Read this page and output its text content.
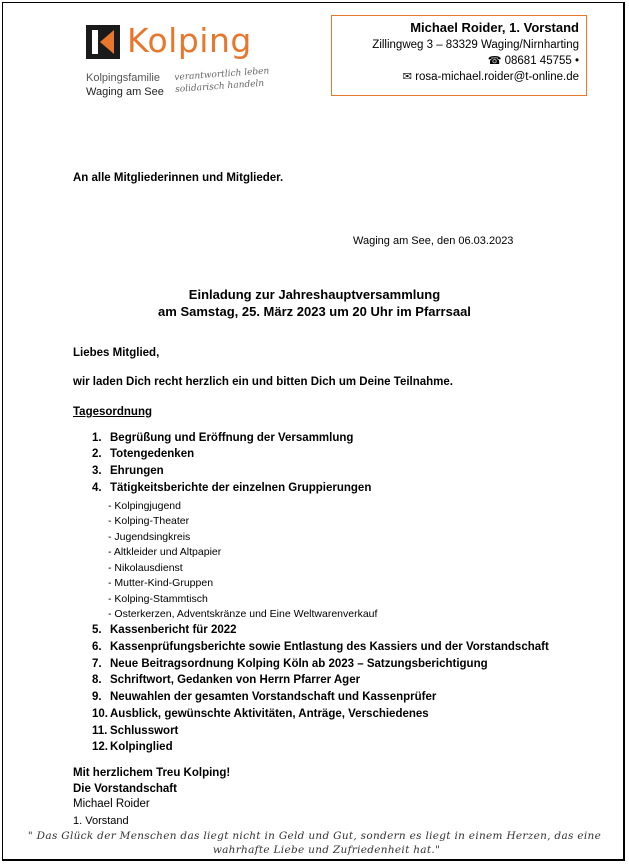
Kolping
Kolpingsfamilie
Waging am See
verantwortlich leben
solidarisch handeln
Michael Roider, 1. Vorstand
Zillingweg 3 – 83329 Waging/Nirnharting
☎ 08681 45755 •
✉ rosa-michael.roider@t-online.de
An alle Mitgliederinnen und Mitglieder.
Waging am See, den 06.03.2023
Einladung zur Jahreshauptversammlung
am Samstag, 25. März 2023 um 20 Uhr im Pfarrsaal
Liebes Mitglied,
wir laden Dich recht herzlich ein und bitten Dich um Deine Teilnahme.
Tagesordnung
1. Begrüßung und Eröffnung der Versammlung
2. Totengedenken
3. Ehrungen
4. Tätigkeitsberichte der einzelnen Gruppierungen
- Kolpingjugend
- Kolping-Theater
- Jugendsingkreis
- Altkleider und Altpapier
- Nikolausdienst
- Mutter-Kind-Gruppen
- Kolping-Stammtisch
- Osterkerzen, Adventskränze und Eine Weltwarenverkauf
5. Kassenbericht für 2022
6. Kassenprüfungsberichte sowie Entlastung des Kassiers und der Vorstandschaft
7. Neue Beitragsordnung Kolping Köln ab 2023 – Satzungsberichtigung
8. Schriftwort, Gedanken von Herrn Pfarrer Ager
9. Neuwahlen der gesamten Vorstandschaft und Kassenprüfer
10. Ausblick, gewünschte Aktivitäten, Anträge, Verschiedenes
11. Schlusswort
12. Kolpinglied
Mit herzlichem Treu Kolping!
Die Vorstandschaft
Michael Roider
1. Vorstand
" Das Glück der Menschen das liegt nicht in Geld und Gut, sondern es liegt in einem Herzen, das eine
wahrhafte Liebe und Zufriedenheit hat."
